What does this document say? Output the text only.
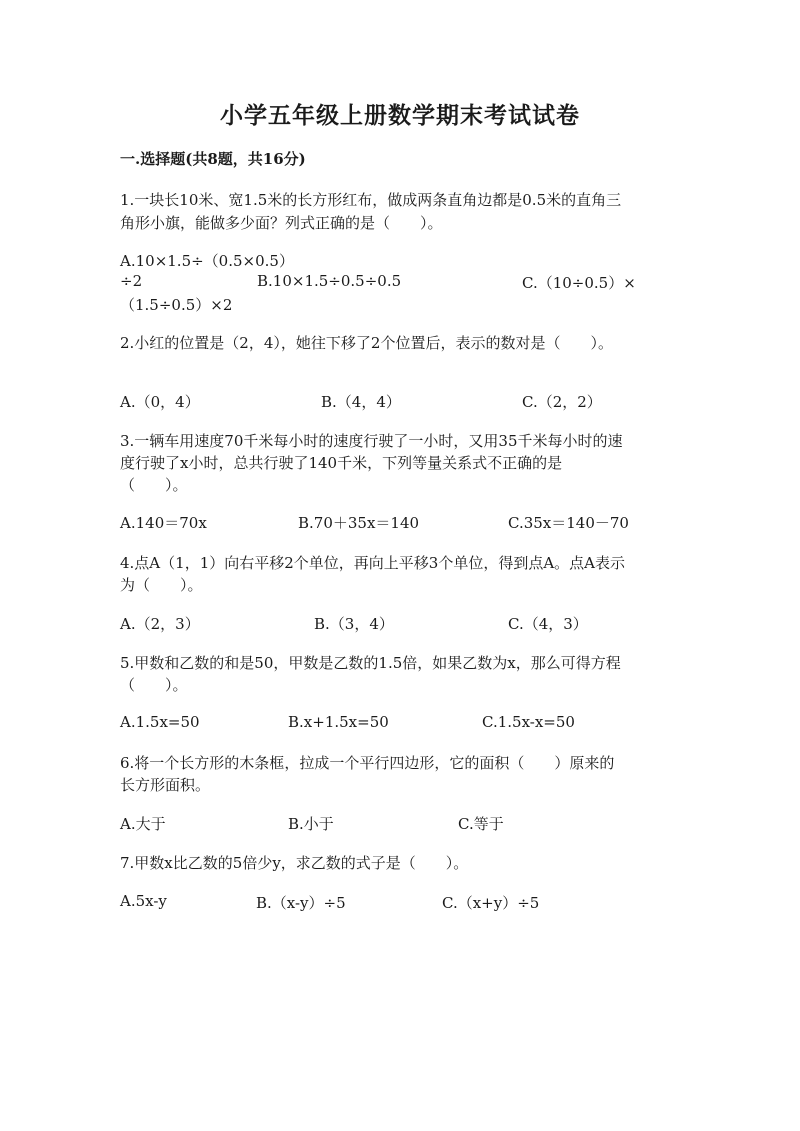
小学五年级上册数学期末考试试卷
一.选择题(共8题，共16分)
1.一块长10米、宽1.5米的长方形红布，做成两条直角边都是0.5米的直角三
角形小旗，能做多少面？列式正确的是（　　）。
A.10×1.5÷（0.5×0.5）
÷2	B.10×1.5÷0.5÷0.5	C.（10÷0.5）×
（1.5÷0.5）×2
2.小红的位置是（2，4），她往下移了2个位置后，表示的数对是（　　）。
A.（0，4）	B.（4，4）	C.（2，2）
3.一辆车用速度70千米每小时的速度行驶了一小时，又用35千米每小时的速
度行驶了x小时，总共行驶了140千米，下列等量关系式不正确的是
（　　）。
A.140＝70x	B.70＋35x＝140	C.35x＝140－70
4.点A（1，1）向右平移2个单位，再向上平移3个单位，得到点A。点A表示
为（　　）。
A.（2，3）	B.（3，4）	C.（4，3）
5.甲数和乙数的和是50，甲数是乙数的1.5倍，如果乙数为x，那么可得方程
（　　）。
A.1.5x=50	B.x+1.5x=50	C.1.5x-x=50
6.将一个长方形的木条框，拉成一个平行四边形，它的面积（　　）原来的
长方形面积。
A.大于	B.小于	C.等于
7.甲数x比乙数的5倍少y，求乙数的式子是（　　）。
A.5x-y	B.（x-y）÷5	C.（x+y）÷5
